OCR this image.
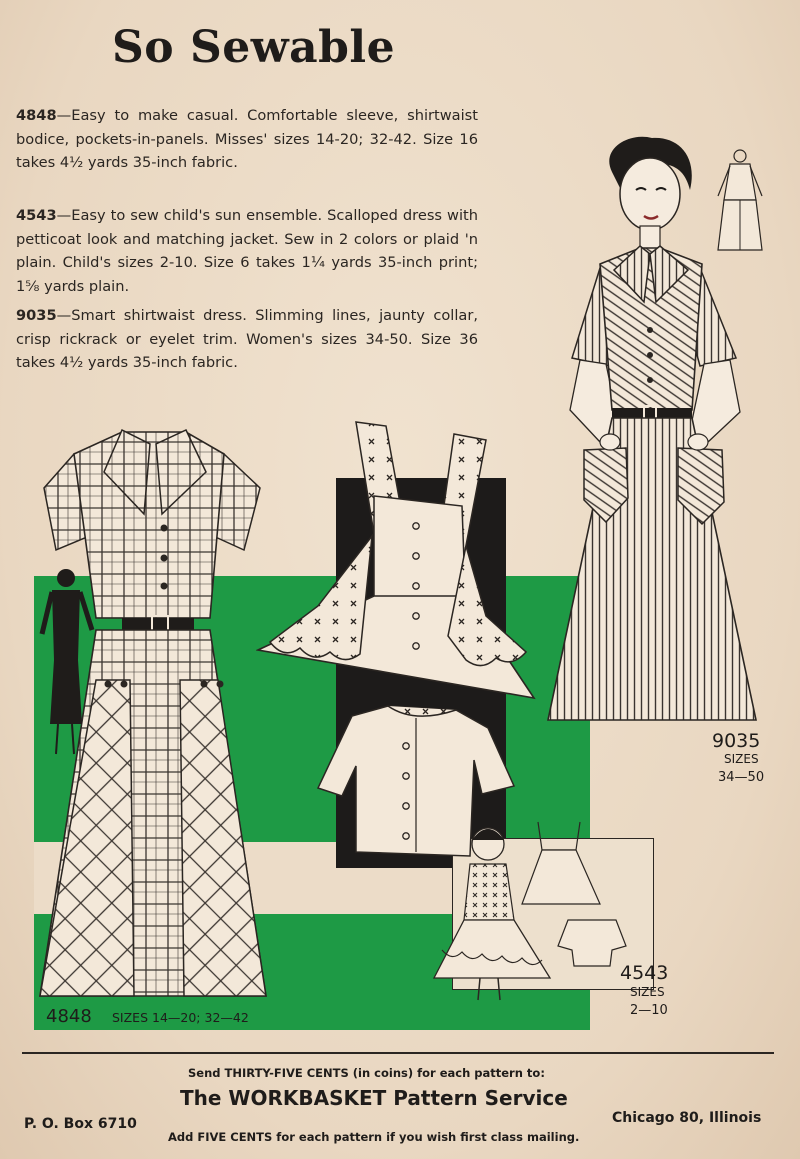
So Sewable
4848—Easy to make casual. Comfortable sleeve, shirtwaist bodice, pockets-in-panels. Misses' sizes 14-20; 32-42. Size 16 takes 4½ yards 35-inch fabric.
4543—Easy to sew child's sun ensemble. Scalloped dress with petticoat look and matching jacket. Sew in 2 colors or plaid 'n plain. Child's sizes 2-10. Size 6 takes 1¼ yards 35-inch print; 1⅝ yards plain.
9035—Smart shirtwaist dress. Slimming lines, jaunty collar, crisp rickrack or eyelet trim. Women's sizes 34-50. Size 36 takes 4½ yards 35-inch fabric.
9035
SIZES
34—50
4543
SIZES
2—10
4848 SIZES 14—20; 32—42
Send THIRTY-FIVE CENTS (in coins) for each pattern to:
The WORKBASKET Pattern Service
P. O. Box 6710	Chicago 80, Illinois
Add FIVE CENTS for each pattern if you wish first class mailing.
